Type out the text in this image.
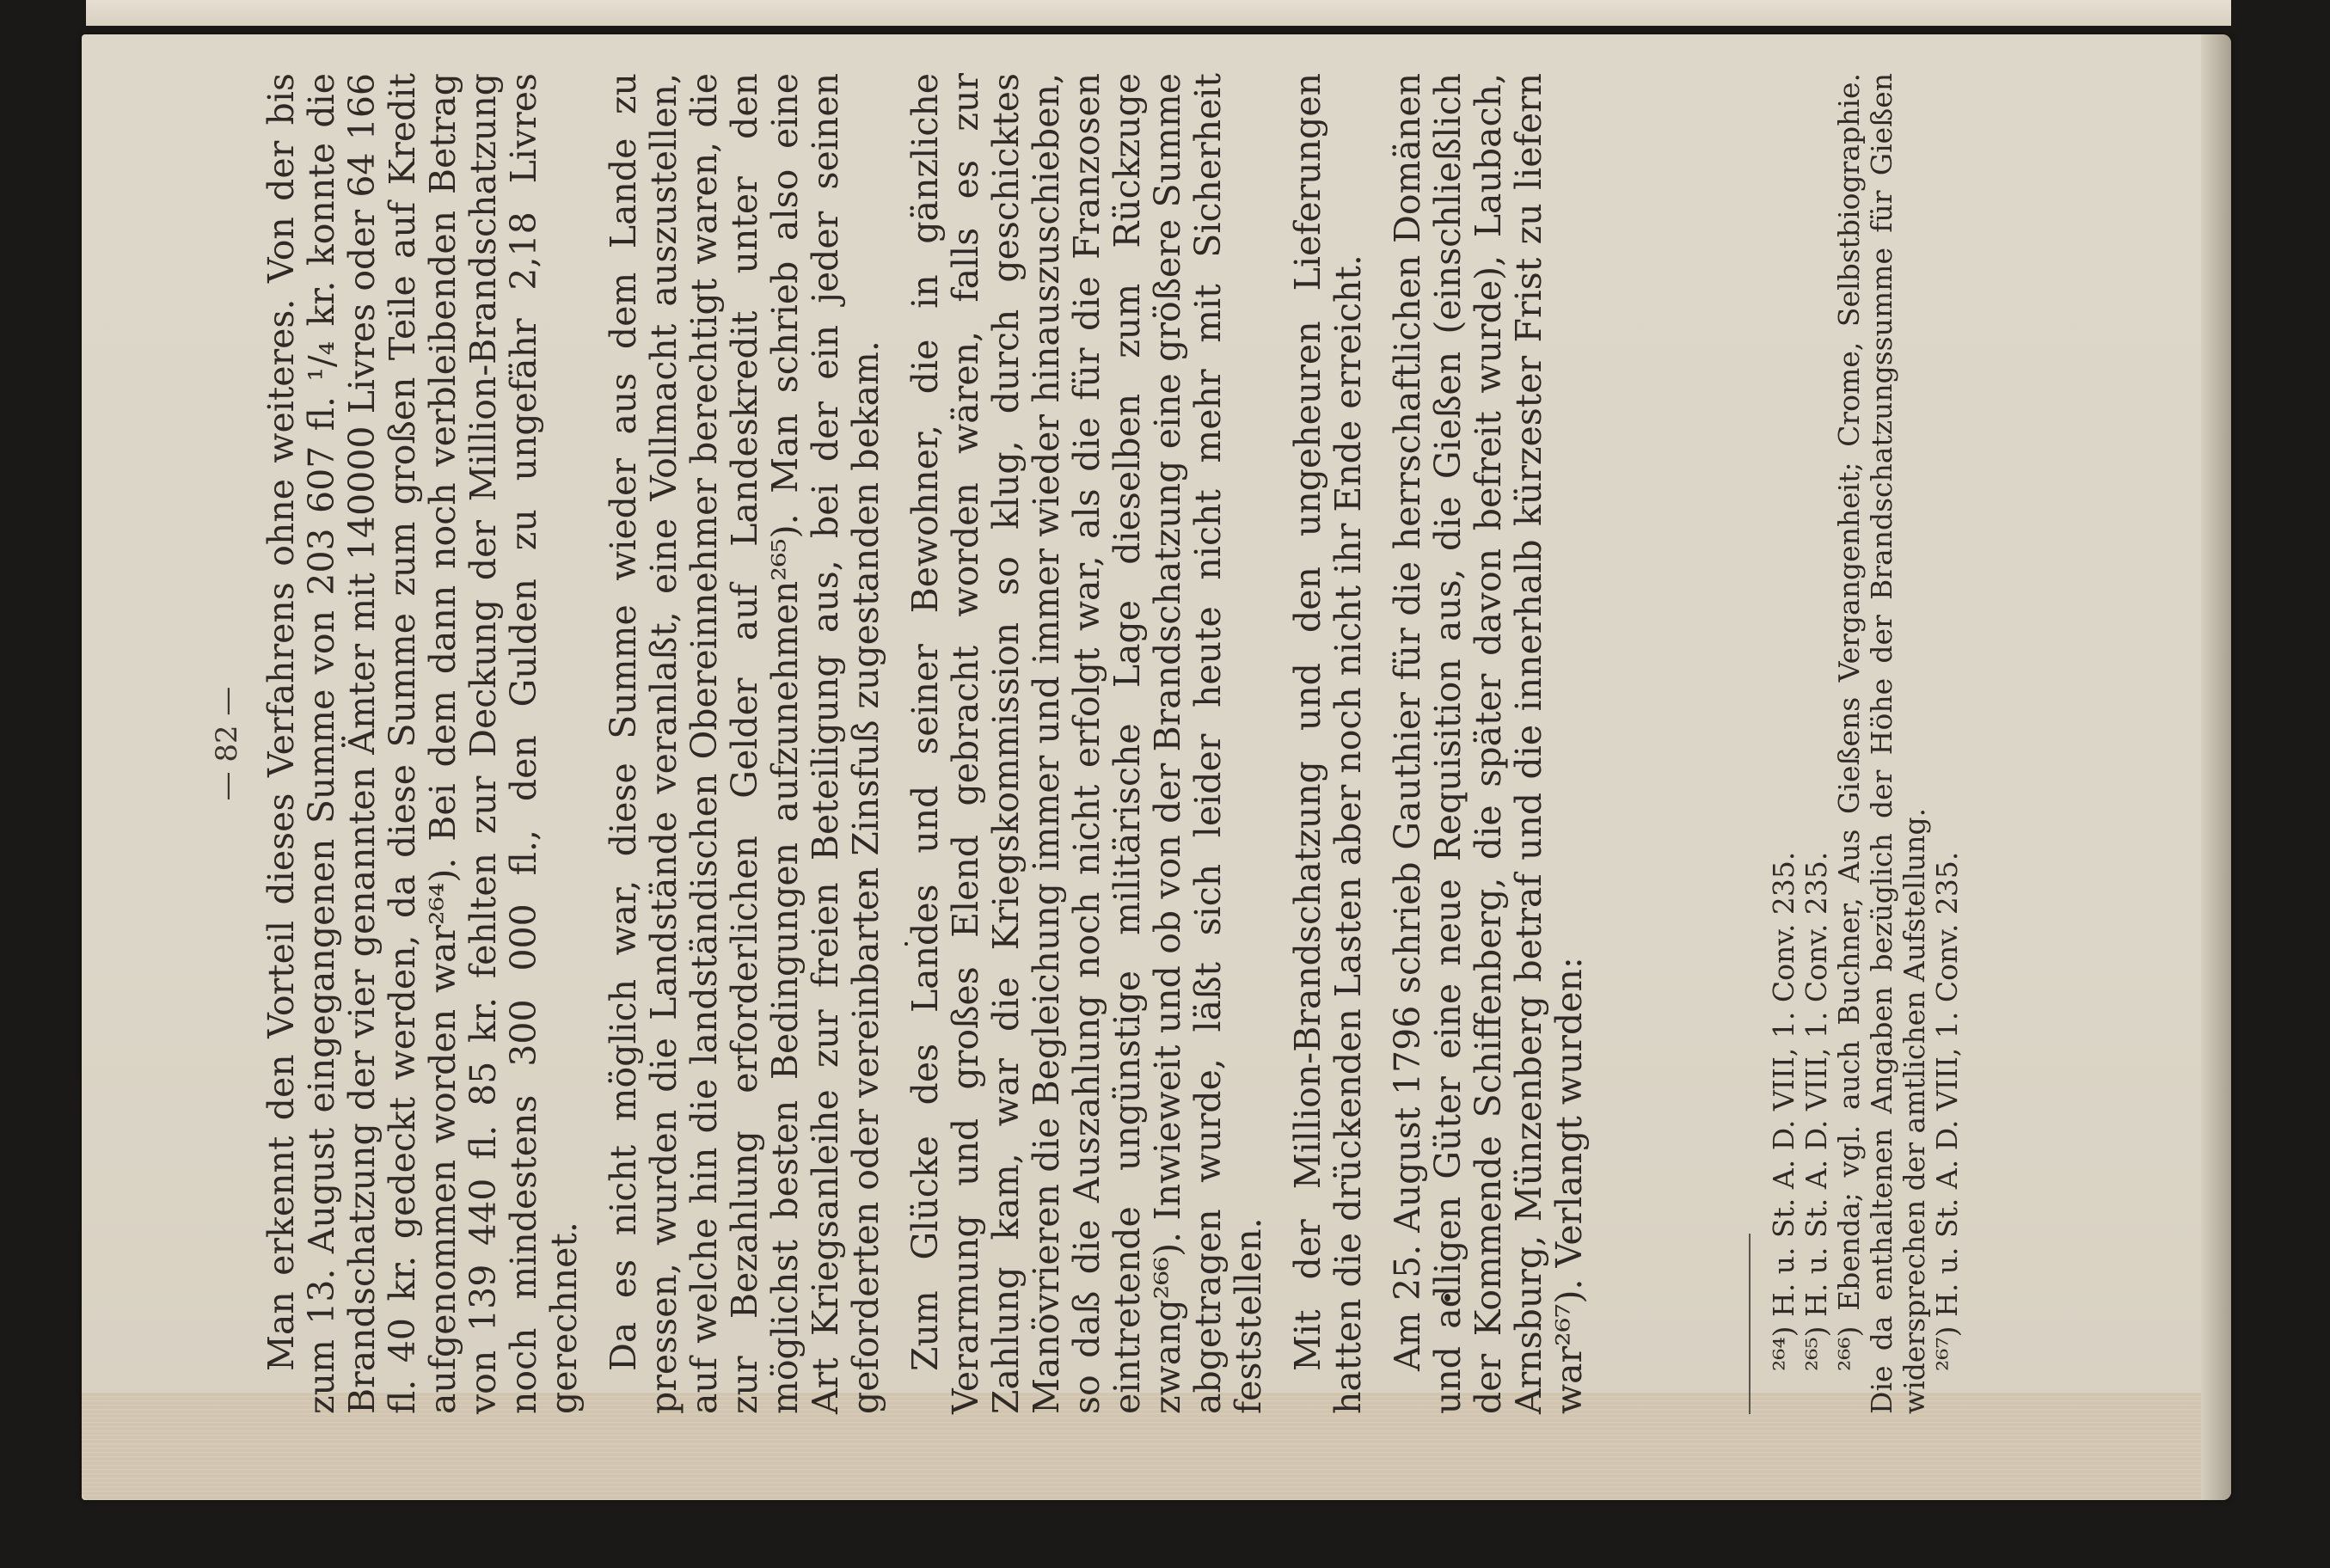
— 82 — Man erkennt den Vorteil dieses Verfahrens ohne weiteres. Von der bis zum 13. August eingegangenen Summe von 203 607 fl. ¹/₄ kr. konnte die Brandschatzung der vier genannten Ämter mit 140000 Livres oder 64 166 fl. 40 kr. gedeckt werden, da diese Summe zum großen Teile auf Kredit aufgenommen worden war²⁶⁴). Bei dem dann noch verbleibenden Betrag von 139 440 fl. 85 kr. fehlten zur Deckung der Million-Brandschatzung noch mindestens 300 000 fl., den Gulden zu ungefähr 2,18 Livres gerechnet. Da es nicht möglich war, diese Summe wieder aus dem Lande zu pressen, wurden die Landstände veranlaßt, eine Vollmacht auszustellen, auf welche hin die landständischen Obereinnehmer berechtigt waren, die zur Bezahlung erforderlichen Gelder auf Landeskredit unter den möglichst besten Bedingungen aufzunehmen²⁶⁵). Man schrieb also eine Art Kriegsanleihe zur freien Beteiligung aus, bei der ein jeder seinen geforderten oder vereinbarten Zinsfuß zugestanden bekam. Zum Glücke des Landes und seiner Bewohner, die in gänzliche Verarmung und großes Elend gebracht worden wären, falls es zur Zahlung kam, war die Kriegskommission so klug, durch geschicktes Manövrieren die Begleichung immer und immer wieder hinauszuschieben, so daß die Auszahlung noch nicht erfolgt war, als die für die Franzosen eintretende ungünstige militärische Lage dieselben zum Rückzuge zwang²⁶⁶). Inwieweit und ob von der Brandschatzung eine größere Summe abgetragen wurde, läßt sich leider heute nicht mehr mit Sicherheit feststellen. Mit der Million-Brandschatzung und den ungeheuren Lieferungen hatten die drückenden Lasten aber noch nicht ihr Ende erreicht. Am 25. August 1796 schrieb Gauthier für die herrschaftlichen Domänen und adligen Güter eine neue Requisition aus, die Gießen (einschließlich der Kommende Schiffenberg, die später davon befreit wurde), Laubach, Arnsburg, Münzenberg betraf und die innerhalb kürzester Frist zu liefern war²⁶⁷). Verlangt wurden:	²⁶⁴) H. u. St. A. D. VIII, 1. Conv. 235. ²⁶⁵) H. u. St. A. D. VIII, 1. Conv. 235. ²⁶⁶) Ebenda; vgl. auch Buchner, Aus Gießens Vergangenheit; Crome, Selbstbiographie. Die da enthaltenen Angaben bezüglich der Höhe der Brandschatzungssumme für Gießen widersprechen der amtlichen Aufstellung. ²⁶⁷) H. u. St. A. D. VIII, 1. Conv. 235.
